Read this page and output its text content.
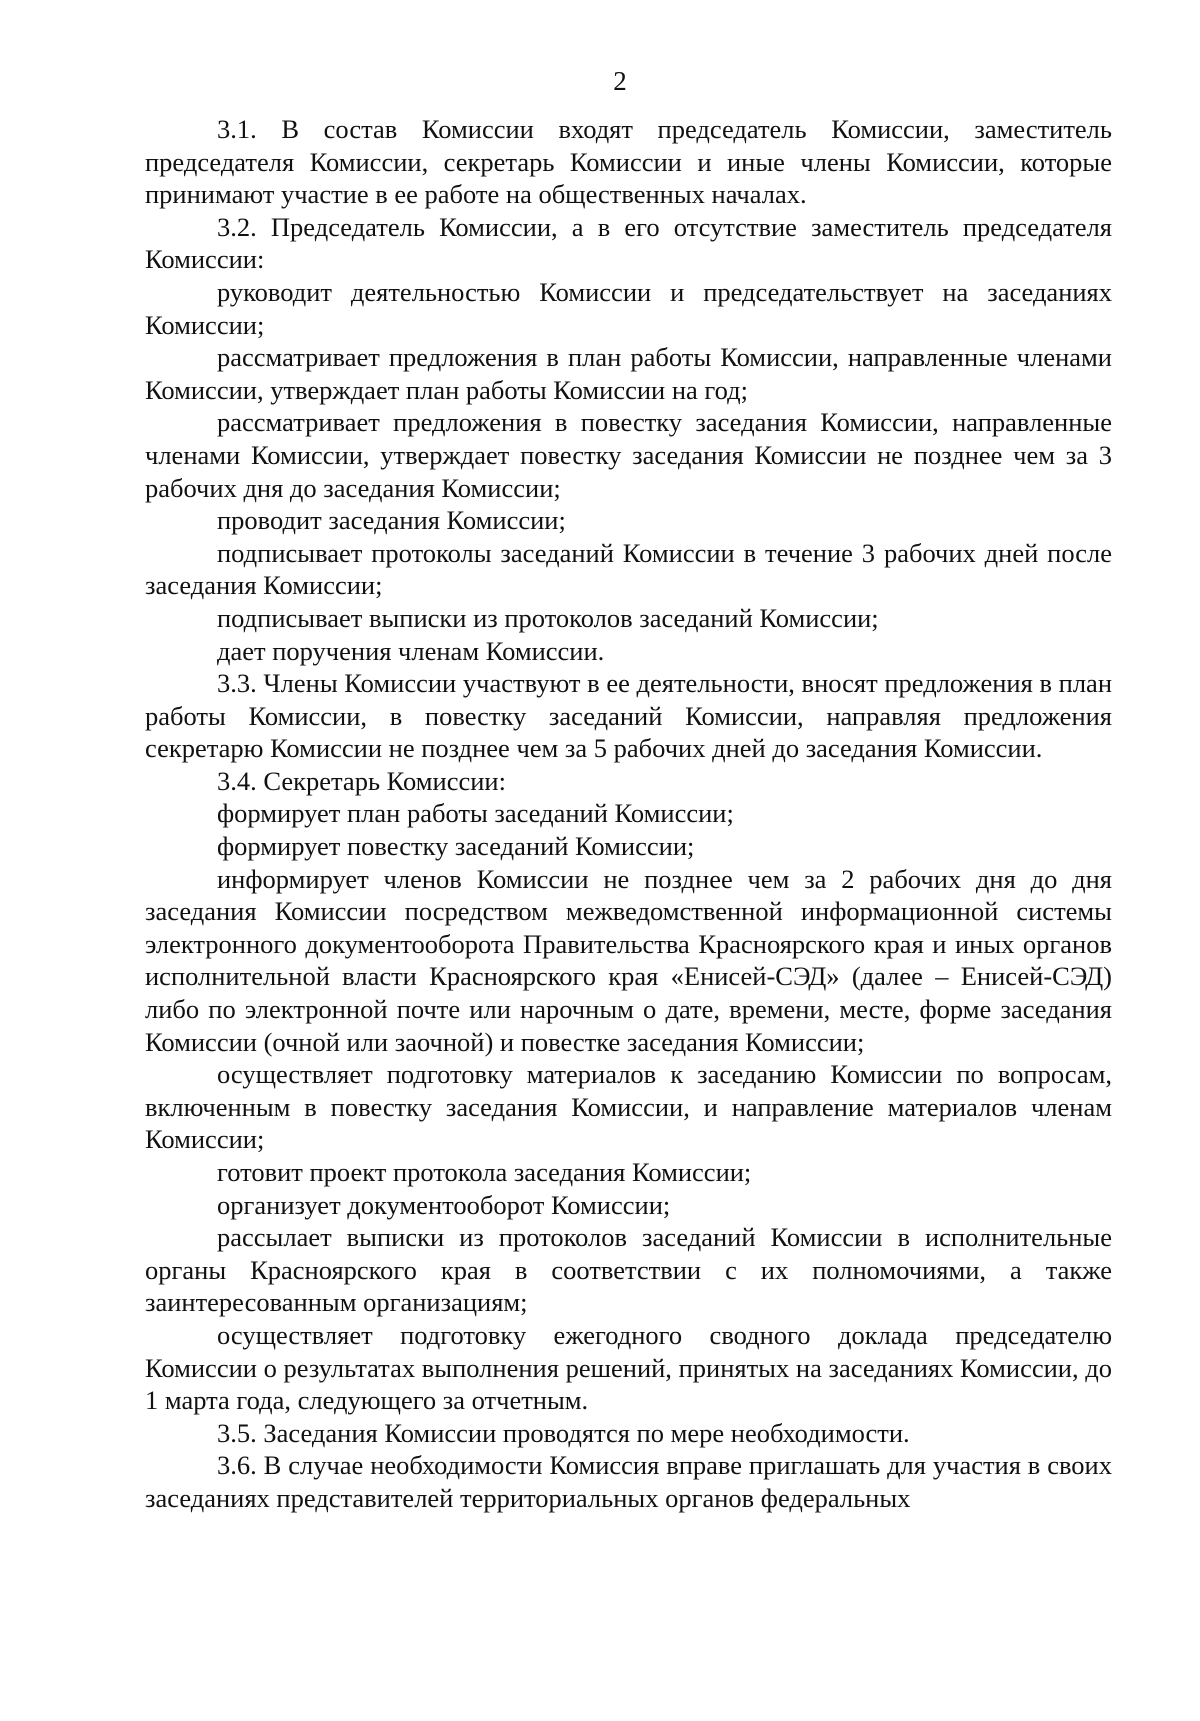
2

3.1. В состав Комиссии входят председатель Комиссии, заместитель председателя Комиссии, секретарь Комиссии и иные члены Комиссии, которые принимают участие в ее работе на общественных началах.

3.2. Председатель Комиссии, а в его отсутствие заместитель председателя Комиссии:

руководит деятельностью Комиссии и председательствует на заседаниях Комиссии;

рассматривает предложения в план работы Комиссии, направленные членами Комиссии, утверждает план работы Комиссии на год;

рассматривает предложения в повестку заседания Комиссии, направленные членами Комиссии, утверждает повестку заседания Комиссии не позднее чем за 3 рабочих дня до заседания Комиссии;

проводит заседания Комиссии;

подписывает протоколы заседаний Комиссии в течение 3 рабочих дней после заседания Комиссии;

подписывает выписки из протоколов заседаний Комиссии;

дает поручения членам Комиссии.

3.3. Члены Комиссии участвуют в ее деятельности, вносят предложения в план работы Комиссии, в повестку заседаний Комиссии, направляя предложения секретарю Комиссии не позднее чем за 5 рабочих дней до заседания Комиссии.

3.4. Секретарь Комиссии:

формирует план работы заседаний Комиссии;

формирует повестку заседаний Комиссии;

информирует членов Комиссии не позднее чем за 2 рабочих дня до дня заседания Комиссии посредством межведомственной информационной системы электронного документооборота Правительства Красноярского края и иных органов исполнительной власти Красноярского края «Енисей-СЭД» (далее – Енисей-СЭД) либо по электронной почте или нарочным о дате, времени, месте, форме заседания Комиссии (очной или заочной) и повестке заседания Комиссии;

осуществляет подготовку материалов к заседанию Комиссии по вопросам, включенным в повестку заседания Комиссии, и направление материалов членам Комиссии;

готовит проект протокола заседания Комиссии;

организует документооборот Комиссии;

рассылает выписки из протоколов заседаний Комиссии в исполнительные органы Красноярского края в соответствии с их полномочиями, а также заинтересованным организациям;

осуществляет подготовку ежегодного сводного доклада председателю Комиссии о результатах выполнения решений, принятых на заседаниях Комиссии, до 1 марта года, следующего за отчетным.

3.5. Заседания Комиссии проводятся по мере необходимости.

3.6. В случае необходимости Комиссия вправе приглашать для участия в своих заседаниях представителей территориальных органов федеральных
